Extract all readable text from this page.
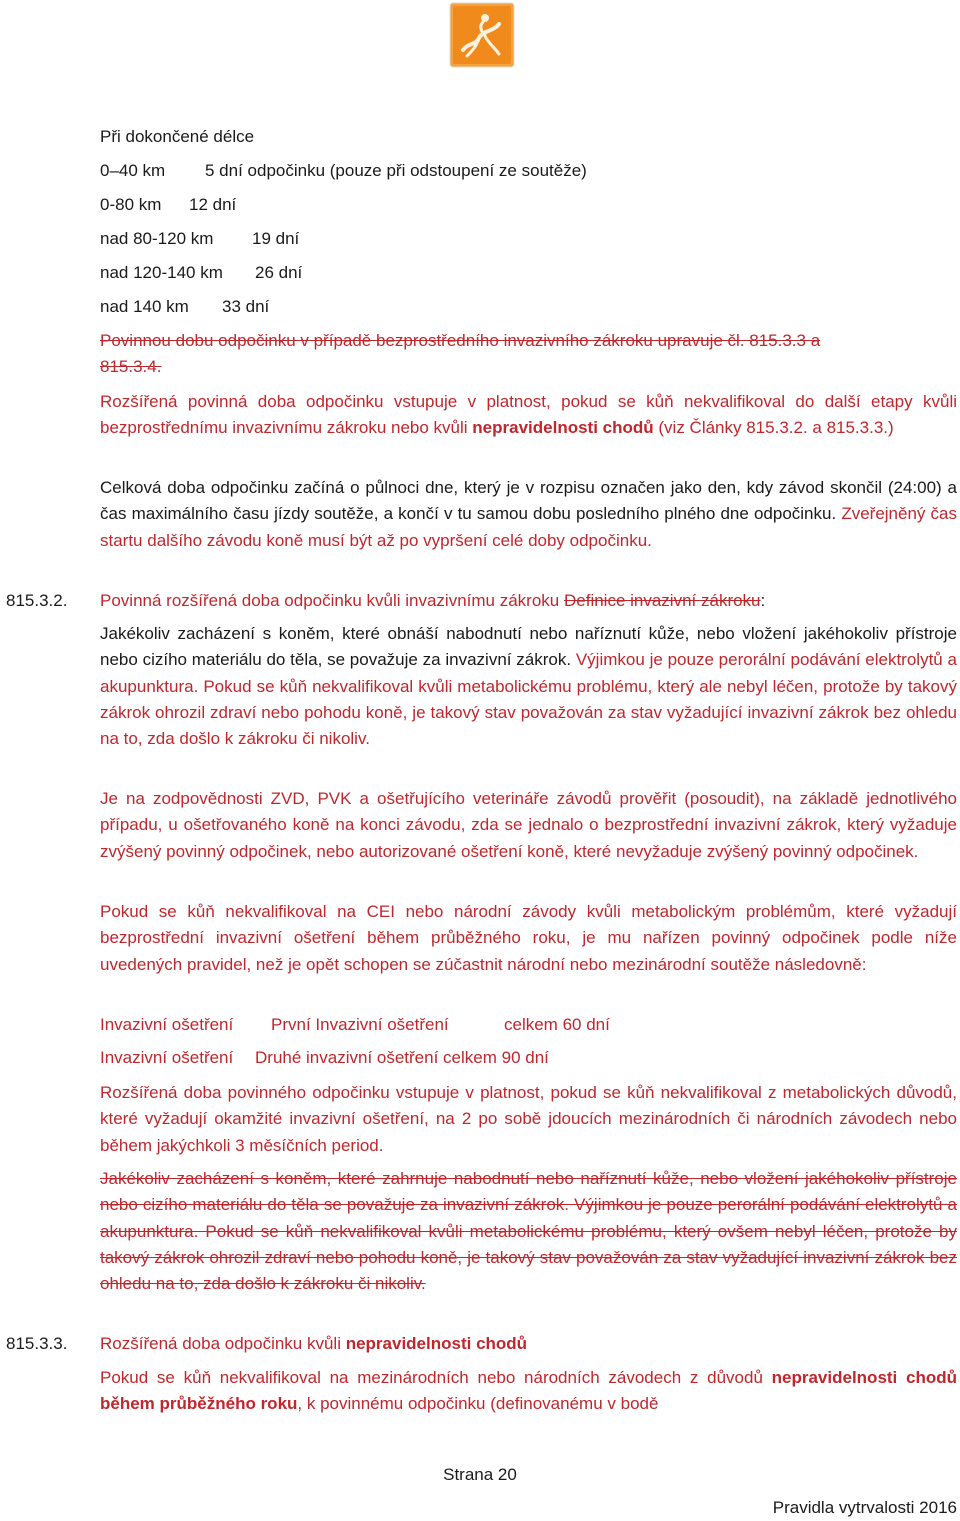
Při dokončené délce
0–40 km 5 dní odpočinku (pouze při odstoupení ze soutěže)
0-80 km 12 dní
nad 80-120 km 19 dní
nad 120-140 km 26 dní
nad 140 km 33 dní
Povinnou dobu odpočinku v případě bezprostředního invazivního zákroku upravuje čl. 815.3.3 a
815.3.4.
Rozšířená povinná doba odpočinku vstupuje v platnost, pokud se kůň nekvalifikoval do další etapy kvůli bezprostřednímu invazivnímu zákroku nebo kvůli nepravidelnosti chodů (viz Články 815.3.2. a 815.3.3.)
Celková doba odpočinku začíná o půlnoci dne, který je v rozpisu označen jako den, kdy závod skončil (24:00) a čas maximálního času jízdy soutěže, a končí v tu samou dobu posledního plného dne odpočinku. Zveřejněný čas startu dalšího závodu koně musí být až po vypršení celé doby odpočinku.
815.3.2. Povinná rozšířená doba odpočinku kvůli invazivnímu zákroku Definice invazivní zákroku:
Jakékoliv zacházení s koněm, které obnáší nabodnutí nebo naříznutí kůže, nebo vložení jakéhokoliv přístroje nebo cizího materiálu do těla, se považuje za invazivní zákrok. Výjimkou je pouze perorální podávání elektrolytů a akupunktura. Pokud se kůň nekvalifikoval kvůli metabolickému problému, který ale nebyl léčen, protože by takový zákrok ohrozil zdraví nebo pohodu koně, je takový stav považován za stav vyžadující invazivní zákrok bez ohledu na to, zda došlo k zákroku či nikoliv.
Je na zodpovědnosti ZVD, PVK a ošetřujícího veterináře závodů prověřit (posoudit), na základě jednotlivého případu, u ošetřovaného koně na konci závodu, zda se jednalo o bezprostřední invazivní zákrok, který vyžaduje zvýšený povinný odpočinek, nebo autorizované ošetření koně, které nevyžaduje zvýšený povinný odpočinek.
Pokud se kůň nekvalifikoval na CEI nebo národní závody kvůli metabolickým problémům, které vyžadují bezprostřední invazivní ošetření během průběžného roku, je mu nařízen povinný odpočinek podle níže uvedených pravidel, než je opět schopen se zúčastnit národní nebo mezinárodní soutěže následovně:
Invazivní ošetření První Invazivní ošetření	celkem 60 dní
Invazivní ošetření Druhé invazivní ošetření celkem 90 dní
Rozšířená doba povinného odpočinku vstupuje v platnost, pokud se kůň nekvalifikoval z metabolických důvodů, které vyžadují okamžité invazivní ošetření, na 2 po sobě jdoucích mezinárodních či národních závodech nebo během jakýchkoli 3 měsíčních period.
Jakékoliv zacházení s koněm, které zahrnuje nabodnutí nebo naříznutí kůže, nebo vložení jakéhokoliv přístroje nebo cizího materiálu do těla se považuje za invazivní zákrok. Výjimkou je pouze perorální podávání elektrolytů a akupunktura. Pokud se kůň nekvalifikoval kvůli metabolickému problému, který ovšem nebyl léčen, protože by takový zákrok ohrozil zdraví nebo pohodu koně, je takový stav považován za stav vyžadující invazivní zákrok bez ohledu na to, zda došlo k zákroku či nikoliv.
815.3.3. Rozšířená doba odpočinku kvůli nepravidelnosti chodů
Pokud se kůň nekvalifikoval na mezinárodních nebo národních závodech z důvodů nepravidelnosti chodů během průběžného roku, k povinnému odpočinku (definovanému v bodě
Strana 20
Pravidla vytrvalosti 2016
